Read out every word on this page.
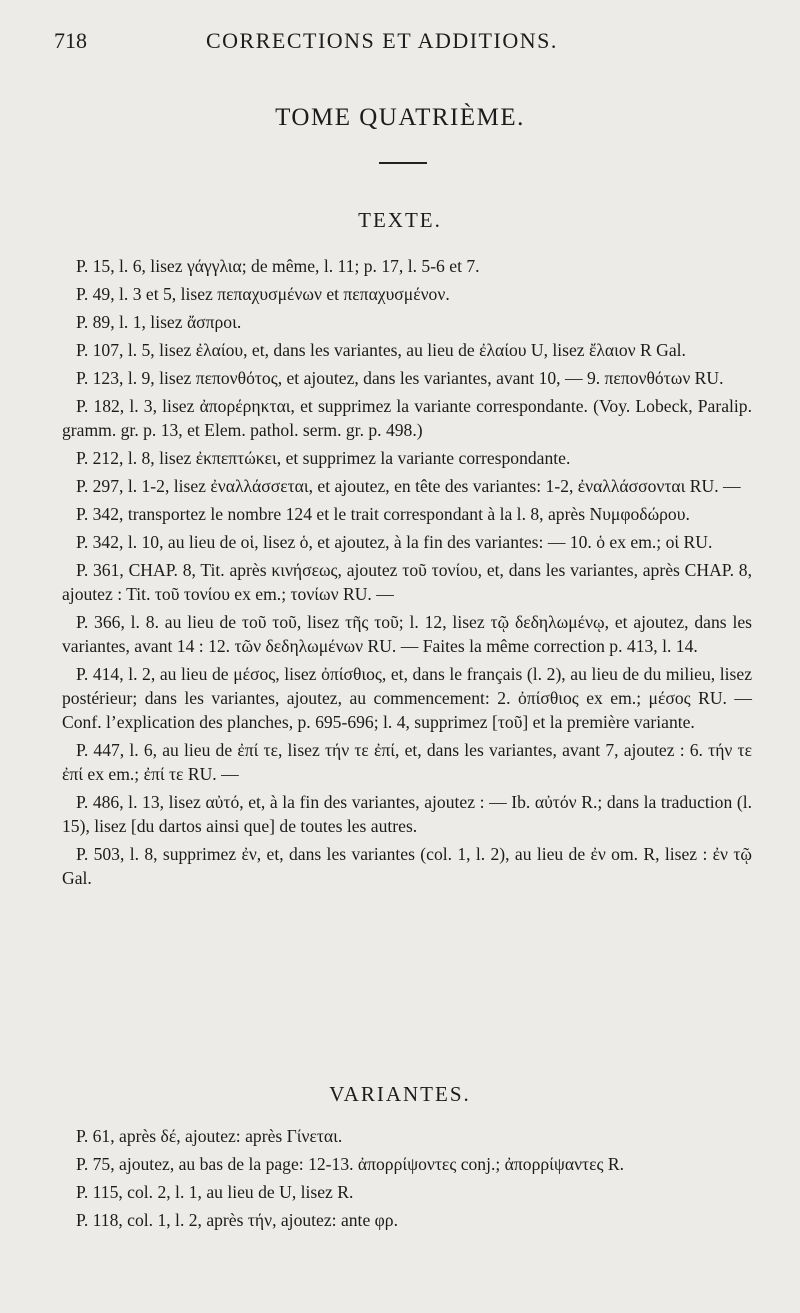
718	CORRECTIONS ET ADDITIONS.
TOME QUATRIÈME.
TEXTE.
P. 15, l. 6, lisez γάγγλια; de même, l. 11; p. 17, l. 5-6 et 7.
P. 49, l. 3 et 5, lisez πεπαχυσμένων et πεπαχυσμένον.
P. 89, l. 1, lisez ἄσπροι.
P. 107, l. 5, lisez ἐλαίου, et, dans les variantes, au lieu de ἐλαίου U, lisez ἔλαιον R Gal.
P. 123, l. 9, lisez πεπονθότος, et ajoutez, dans les variantes, avant 10, — 9. πεπονθότων RU.
P. 182, l. 3, lisez ἀπορέρηκται, et supprimez la variante correspondante. (Voy. Lobeck, Paralip. gramm. gr. p. 13, et Elem. pathol. serm. gr. p. 498.)
P. 212, l. 8, lisez ἐκπεπτώκει, et supprimez la variante correspondante.
P. 297, l. 1-2, lisez ἐναλλάσσεται, et ajoutez, en tête des variantes: 1-2, ἐναλλάσσονται RU. —
P. 342, transportez le nombre 124 et le trait correspondant à la l. 8, après Νυμφοδώρου.
P. 342, l. 10, au lieu de οἱ, lisez ὁ, et ajoutez, à la fin des variantes: — 10. ὁ ex em.; οἱ RU.
P. 361, CHAP. 8, Tit. après κινήσεως, ajoutez τοῦ τονίου, et, dans les variantes, après CHAP. 8, ajoutez : Tit. τοῦ τονίου ex em.; τονίων RU. —
P. 366, l. 8. au lieu de τοῦ τοῦ, lisez τῆς τοῦ; l. 12, lisez τῷ δεδηλωμένῳ, et ajoutez, dans les variantes, avant 14 : 12. τῶν δεδηλωμένων RU. — Faites la même correction p. 413, l. 14.
P. 414, l. 2, au lieu de μέσος, lisez ὀπίσθιος, et, dans le français (l. 2), au lieu de du milieu, lisez postérieur; dans les variantes, ajoutez, au commencement: 2. ὀπίσθιος ex em.; μέσος RU. — Conf. l’explication des planches, p. 695-696; l. 4, supprimez [τοῦ] et la première variante.
P. 447, l. 6, au lieu de ἐπί τε, lisez τήν τε ἐπί, et, dans les variantes, avant 7, ajoutez : 6. τήν τε ἐπί ex em.; ἐπί τε RU. —
P. 486, l. 13, lisez αὐτό, et, à la fin des variantes, ajoutez : — Ib. αὐτόν R.; dans la traduction (l. 15), lisez [du dartos ainsi que] de toutes les autres.
P. 503, l. 8, supprimez ἐν, et, dans les variantes (col. 1, l. 2), au lieu de ἐν om. R, lisez : ἐν τῷ Gal.
VARIANTES.
P. 61, après δέ, ajoutez: après Γίνεται.
P. 75, ajoutez, au bas de la page: 12-13. ἀπορρίψοντες conj.; ἀπορρίψαντες R.
P. 115, col. 2, l. 1, au lieu de U, lisez R.
P. 118, col. 1, l. 2, après τήν, ajoutez: ante φρ.
